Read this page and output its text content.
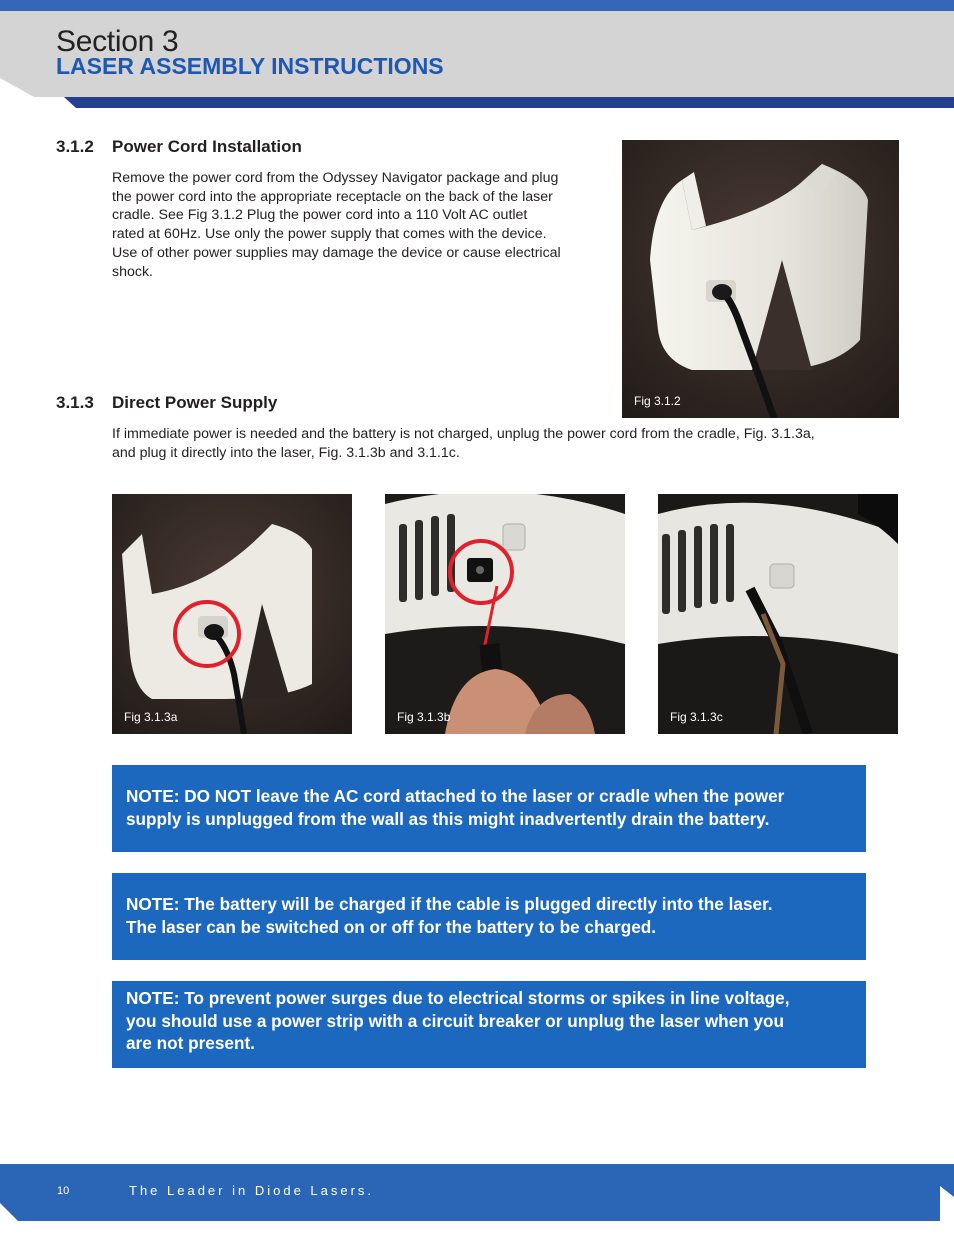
Section 3
LASER ASSEMBLY INSTRUCTIONS
3.1.2 Power Cord Installation
Remove the power cord from the Odyssey Navigator package and plug
the power cord into the appropriate receptacle on the back of the laser
cradle. See Fig 3.1.2 Plug the power cord into a 110 Volt AC outlet
rated at 60Hz. Use only the power supply that comes with the device.
Use of other power supplies may damage the device or cause electrical
shock.
Fig 3.1.2
3.1.3 Direct Power Supply
If immediate power is needed and the battery is not charged, unplug the power cord from the cradle, Fig. 3.1.3a,
and plug it directly into the laser, Fig. 3.1.3b and 3.1.1c.
Fig 3.1.3a	Fig 3.1.3b	Fig 3.1.3c
NOTE: DO NOT leave the AC cord attached to the laser or cradle when the power
supply is unplugged from the wall as this might inadvertently drain the battery.
NOTE: The battery will be charged if the cable is plugged directly into the laser.
The laser can be switched on or off for the battery to be charged.
NOTE: To prevent power surges due to electrical storms or spikes in line voltage,
you should use a power strip with a circuit breaker or unplug the laser when you
are not present.
10	The Leader in Diode Lasers.
